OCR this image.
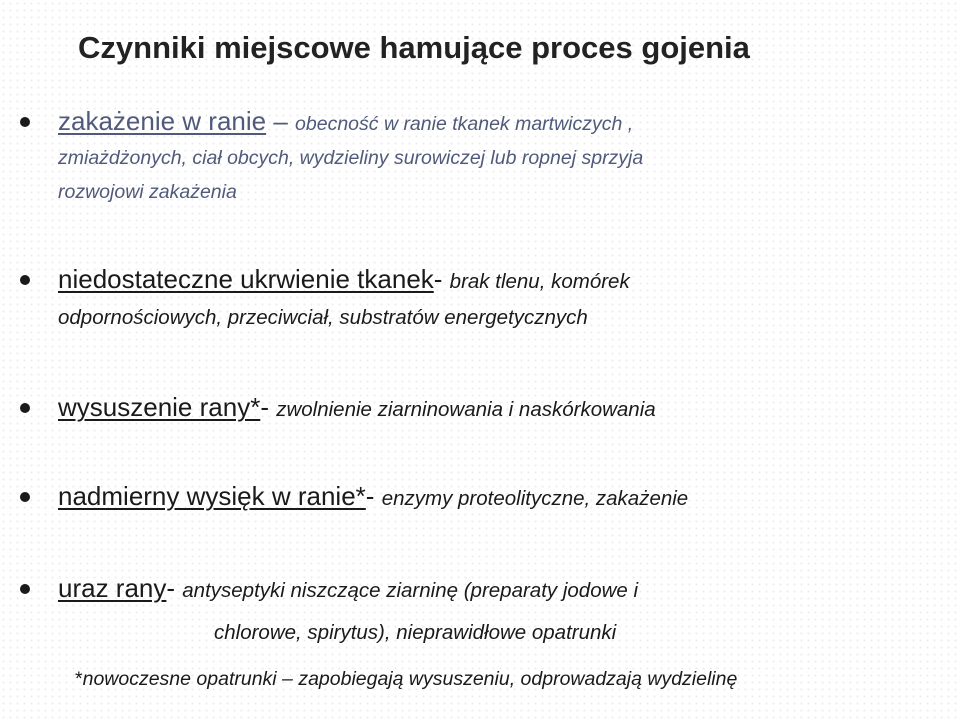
Czynniki miejscowe hamujące proces gojenia

zakażenie w ranie – obecność w ranie tkanek martwiczych ,

zmiażdżonych, ciał obcych, wydzieliny surowiczej lub ropnej sprzyja

rozwojowi zakażenia

niedostateczne ukrwienie tkanek- brak tlenu, komórek

odpornościowych, przeciwciał, substratów energetycznych

wysuszenie rany*- zwolnienie ziarninowania i naskórkowania

nadmierny wysięk w ranie*- enzymy proteolityczne, zakażenie

uraz rany- antyseptyki niszczące ziarninę (preparaty jodowe i

chlorowe, spirytus), nieprawidłowe opatrunki

*nowoczesne opatrunki – zapobiegają wysuszeniu, odprowadzają wydzielinę
